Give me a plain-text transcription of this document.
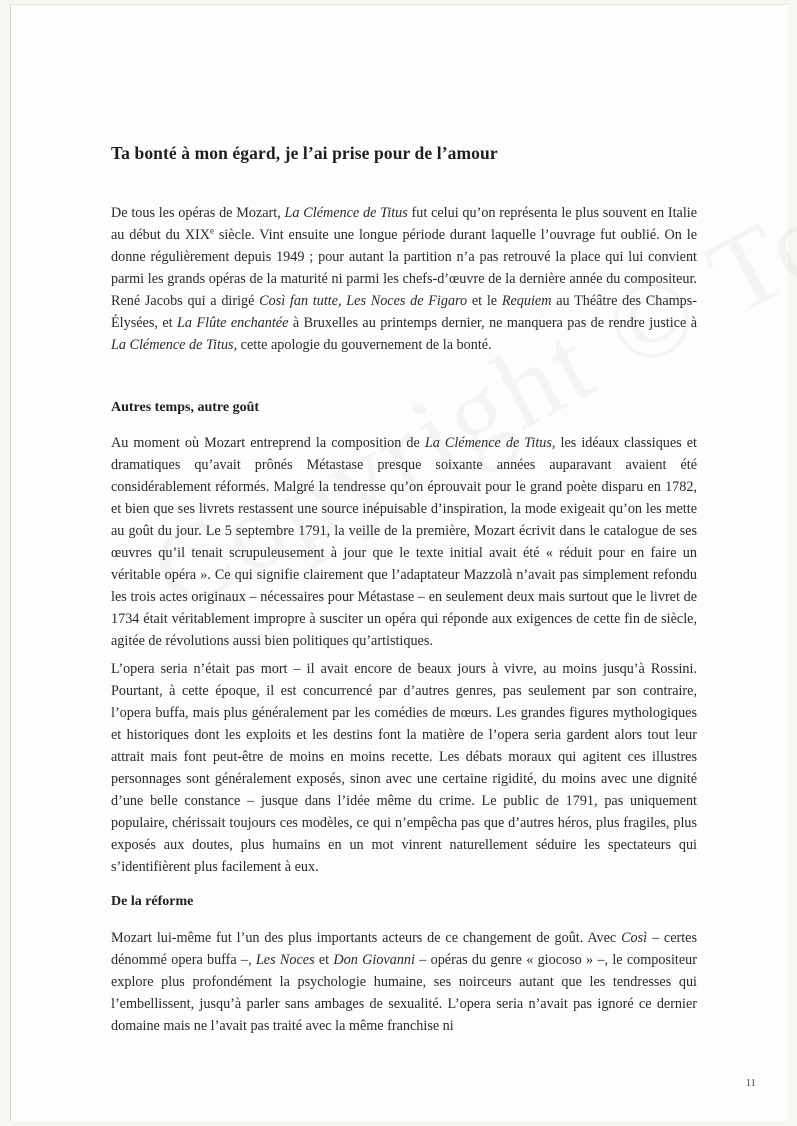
Ta bonté à mon égard, je l’ai prise pour de l’amour

De tous les opéras de Mozart, La Clémence de Titus fut celui qu’on représenta le plus souvent en Italie au début du XIXe siècle. Vint ensuite une longue période durant laquelle l’ouvrage fut oublié. On le donne régulièrement depuis 1949 ; pour autant la partition n’a pas retrouvé la place qui lui convient parmi les grands opéras de la maturité ni parmi les chefs-d’œuvre de la dernière année du compositeur. René Jacobs qui a dirigé Così fan tutte, Les Noces de Figaro et le Requiem au Théâtre des Champs-Élysées, et La Flûte enchantée à Bruxelles au printemps dernier, ne manquera pas de rendre justice à La Clémence de Titus, cette apologie du gouvernement de la bonté.

Autres temps, autre goût

Au moment où Mozart entreprend la composition de La Clémence de Titus, les idéaux classiques et dramatiques qu’avait prônés Métastase presque soixante années auparavant avaient été considérablement réformés. Malgré la tendresse qu’on éprouvait pour le grand poète disparu en 1782, et bien que ses livrets restassent une source inépuisable d’inspiration, la mode exigeait qu’on les mette au goût du jour. Le 5 septembre 1791, la veille de la première, Mozart écrivit dans le catalogue de ses œuvres qu’il tenait scrupuleusement à jour que le texte initial avait été « réduit pour en faire un véritable opéra ». Ce qui signifie clairement que l’adaptateur Mazzolà n’avait pas simplement refondu les trois actes originaux – nécessaires pour Métastase – en seulement deux mais surtout que le livret de 1734 était véritablement impropre à susciter un opéra qui réponde aux exigences de cette fin de siècle, agitée de révolutions aussi bien politiques qu’artistiques.

L’opera seria n’était pas mort – il avait encore de beaux jours à vivre, au moins jusqu’à Rossini. Pourtant, à cette époque, il est concurrencé par d’autres genres, pas seulement par son contraire, l’opera buffa, mais plus généralement par les comédies de mœurs. Les grandes figures mythologiques et historiques dont les exploits et les destins font la matière de l’opera seria gardent alors tout leur attrait mais font peut-être de moins en moins recette. Les débats moraux qui agitent ces illustres personnages sont généralement exposés, sinon avec une certaine rigidité, du moins avec une dignité d’une belle constance – jusque dans l’idée même du crime. Le public de 1791, pas uniquement populaire, chérissait toujours ces modèles, ce qui n’empêcha pas que d’autres héros, plus fragiles, plus exposés aux doutes, plus humains en un mot vinrent naturellement séduire les spectateurs qui s’identifièrent plus facilement à eux.

De la réforme

Mozart lui-même fut l’un des plus importants acteurs de ce changement de goût. Avec Così – certes dénommé opera buffa –, Les Noces et Don Giovanni – opéras du genre « giocoso » –, le compositeur explore plus profondément la psychologie humaine, ses noirceurs autant que les tendresses qui l’embellissent, jusqu’à parler sans ambages de sexualité. L’opera seria n’avait pas ignoré ce dernier domaine mais ne l’avait pas traité avec la même franchise ni

11
